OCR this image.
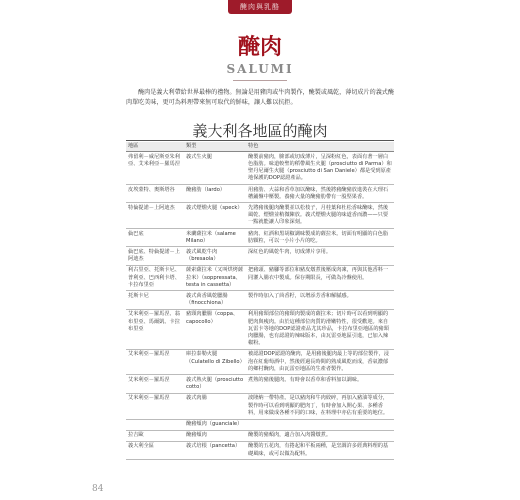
醃肉與乳酪
醃肉
SALUMI
醃肉是義大利帶給世界最棒的禮物。無論是用豬肉或牛肉製作，醃製或風乾，薄切成片的義式醃肉單吃美味，更可為料理帶來無可取代的鮮味，讓人難以抗拒。
義大利各地區的醃肉
地區	類型	特色
弗留利－威尼斯亞朱利亞、艾米利亞－羅馬涅	義式生火腿	醃製前豬肉，臉部或切成薄片，呈深粉紅色，表面有著一層白色脂肪。味道較聖的稻帶風生火腿（prosciutto di Parma）和聖丹尼爾生火腿（prosciutto di San Daniele）都是受到原產地保護的DOP認證產品。
皮埃蒙特、奧斯塔谷	醃豬肋（lardo）	用豬肋、大蒜和香草加以醃味，然後將豬醃豬放進裝在大理石槽鋪盤中壓製。養豬大量的醃豬肋帶有一股堅果香。
特倫提諾－上阿迪杰	義式煙燻火腿（speck）	先將豬後腿肉醃製並以松枝子，月桂葉和杜松香味醃味，然後風乾、煙燻並稍微陳放。義式煙燻火腿的味道香而濃——只要一點就能讓人印象深刻。
倫巴底	米蘭薩拉米（salame Milano）	豬肉、紅酒和黑胡椒調味製成的薩拉米。切面有明顯的白色脂肪顆粒，可以一小片小片的吃。
倫巴底、特倫提諾－上阿迪杰	義式風乾牛肉（bresaola）	深紅色的風乾牛肉，切成薄片享用。
利古里亞、托斯卡尼、普利亞、巴西利卡塔、卡拉布里亞	薩索薩拉米（又叫烘烤薩拉米）（soppressata、testa in cassetta）	把豬頭、豬腳等部位和豬皮燉煮後壓成肉凍，再與其他香料一同灌入腸衣中製成。保存期限長，可做為冷盤使用。
托斯卡尼	義式茴香風乾臘腸（finocchiona）	製作時加入了茴香籽，以增添芳香和解膩感。
艾米利亞－羅馬涅、翁布里亞、馬爾凱、卡拉布里亞	豬頸肉臘腸（coppa、capocollo）	利用豬頸部位的豬頸肉製成的薩拉米；切片時可以看到明顯的肥肉與瘦肉。由於這種部位肉質的滑嫩特性，很受歡迎。來自瓦雷卡等地的DOP認證產品尤其珍品，卡拉布里亞地區的豬頸肉臘腸，也有認證的辣味版本，由瓦雷亞地區引進，已加入辣椒粉。
艾米利亞－羅馬涅	庫拉泰勒火腿（Culatello di Zibello）	被認證DOP認證的醃肉，是用豬後腿肉最上等的部位製作，浸泡在紅葡萄酒中，然後經過長時間的熟成風乾而成，香氣濃郁的鄉村醃肉，由瓦雷亞地區的生產者製作。
艾米利亞－羅馬涅	義式熟火腿（prosciutto cotto）	煮熟的豬後腿肉。有時會以香草和香料加以調味。
艾米利亞－羅馬涅	義式肉腸	波隆納一帶特產。是以豬肉和牛肉絞碎，再加入豬油等成分，製作時可以看到明顯的肥肉丁，有時會加入開心果、多種香料，用來做成各種不同的口味，在料理中亦佔有重要的地位。
	醃豬頰肉（guanciale）	
拉吉歐	醃豬頰肉	醃製的豬頰肉，適合加入肉醬燉煮。
義大利全區	義式培根（pancetta）	醃製的五花肉，有捲起和平板兩種，是烹調許多經典料理的基礎風味，或可以做為配料。
84
